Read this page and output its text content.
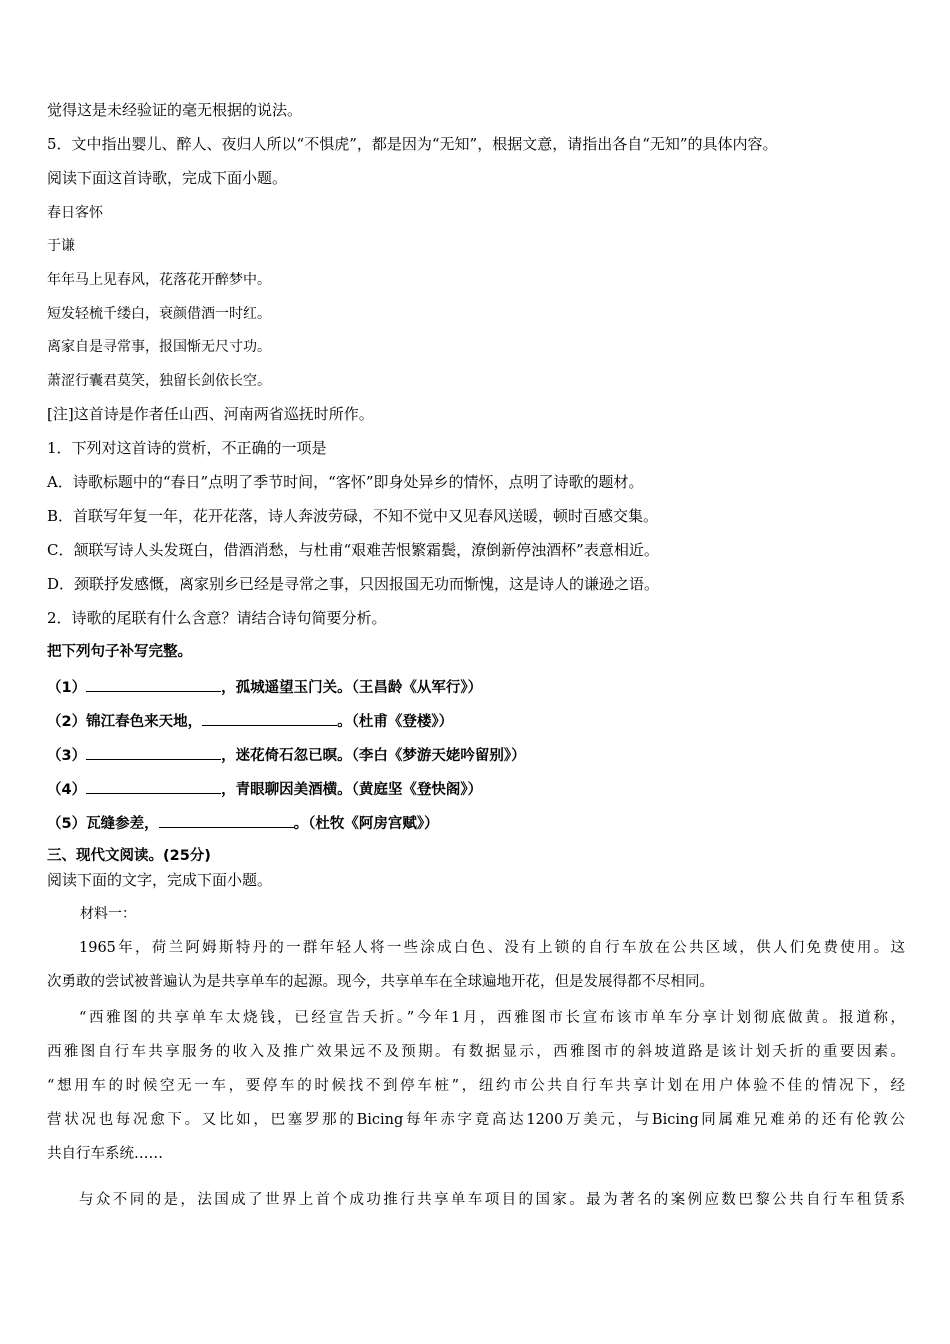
觉得这是未经验证的毫无根据的说法。
5．文中指出婴儿、醉人、夜归人所以“不惧虎”，都是因为“无知”，根据文意，请指出各自“无知”的具体内容。
阅读下面这首诗歌，完成下面小题。
春日客怀
于谦
年年马上见春风，花落花开醉梦中。
短发轻梳千缕白，衰颜借酒一时红。
离家自是寻常事，报国惭无尺寸功。
萧涩行囊君莫笑，独留长剑依长空。
[注]这首诗是作者任山西、河南两省巡抚时所作。
1．下列对这首诗的赏析，不正确的一项是
A．诗歌标题中的“春日”点明了季节时间，“客怀”即身处异乡的情怀，点明了诗歌的题材。
B．首联写年复一年，花开花落，诗人奔波劳碌，不知不觉中又见春风送暖，顿时百感交集。
C．颔联写诗人头发斑白，借酒消愁，与杜甫“艰难苦恨繁霜鬓，潦倒新停浊酒杯”表意相近。
D．颈联抒发感慨，离家别乡已经是寻常之事，只因报国无功而惭愧，这是诗人的谦逊之语。
2．诗歌的尾联有什么含意？请结合诗句简要分析。
把下列句子补写完整。
（1）	，孤城遥望玉门关。（王昌龄《从军行》）
（2）锦江春色来天地，	。（杜甫《登楼》）
（3）	，迷花倚石忽已暝。（李白《梦游天姥吟留别》）
（4）	，青眼聊因美酒横。（黄庭坚《登快阁》）
（5）瓦缝参差，	。（杜牧《阿房宫赋》）
三、现代文阅读。(25分)
阅读下面的文字，完成下面小题。
材料一：
1965年，荷兰阿姆斯特丹的一群年轻人将一些涂成白色、没有上锁的自行车放在公共区域，供人们免费使用。这
次勇敢的尝试被普遍认为是共享单车的起源。现今，共享单车在全球遍地开花，但是发展得都不尽相同。
“西雅图的共享单车太烧钱，已经宣告夭折。”今年1月，西雅图市长宣布该市单车分享计划彻底做黄。报道称，
西雅图自行车共享服务的收入及推广效果远不及预期。有数据显示，西雅图市的斜坡道路是该计划夭折的重要因素。
“想用车的时候空无一车，要停车的时候找不到停车桩”，纽约市公共自行车共享计划在用户体验不佳的情况下，经
营状况也每况愈下。又比如，巴塞罗那的Bicing每年赤字竟高达1200万美元，与Bicing同属难兄难弟的还有伦敦公
共自行车系统……
与众不同的是，法国成了世界上首个成功推行共享单车项目的国家。最为著名的案例应数巴黎公共自行车租赁系
